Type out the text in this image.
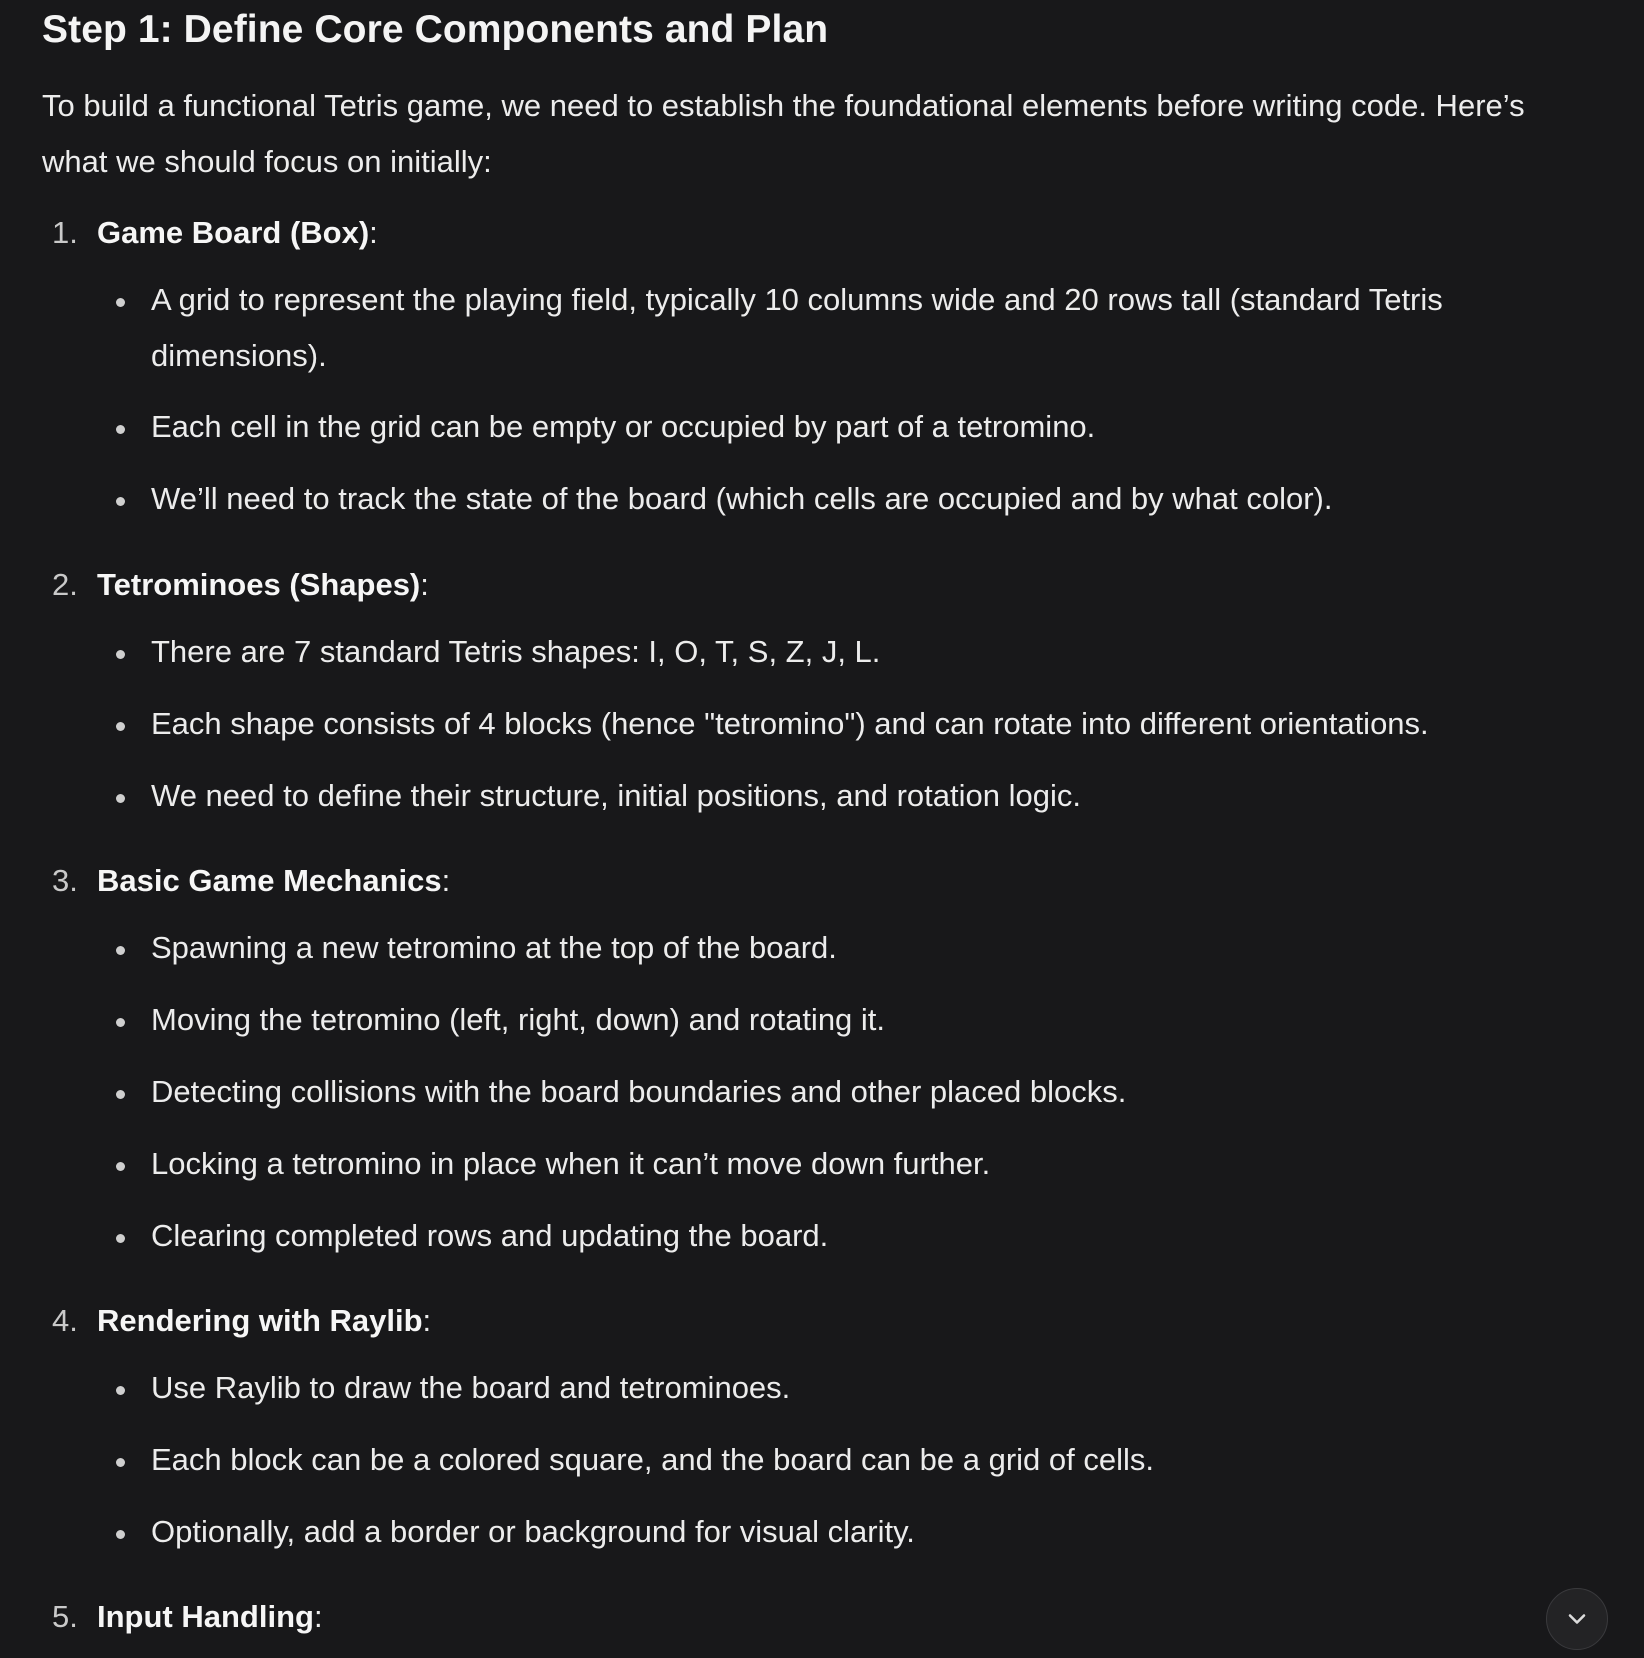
Step 1: Define Core Components and Plan

To build a functional Tetris game, we need to establish the foundational elements before writing code. Here’s what we should focus on initially:

1. Game Board (Box):
A grid to represent the playing field, typically 10 columns wide and 20 rows tall (standard Tetris dimensions).
Each cell in the grid can be empty or occupied by part of a tetromino.
We’ll need to track the state of the board (which cells are occupied and by what color).
2. Tetrominoes (Shapes):
There are 7 standard Tetris shapes: I, O, T, S, Z, J, L.
Each shape consists of 4 blocks (hence "tetromino") and can rotate into different orientations.
We need to define their structure, initial positions, and rotation logic.
3. Basic Game Mechanics:
Spawning a new tetromino at the top of the board.
Moving the tetromino (left, right, down) and rotating it.
Detecting collisions with the board boundaries and other placed blocks.
Locking a tetromino in place when it can’t move down further.
Clearing completed rows and updating the board.
4. Rendering with Raylib:
Use Raylib to draw the board and tetrominoes.
Each block can be a colored square, and the board can be a grid of cells.
Optionally, add a border or background for visual clarity.
5. Input Handling:
